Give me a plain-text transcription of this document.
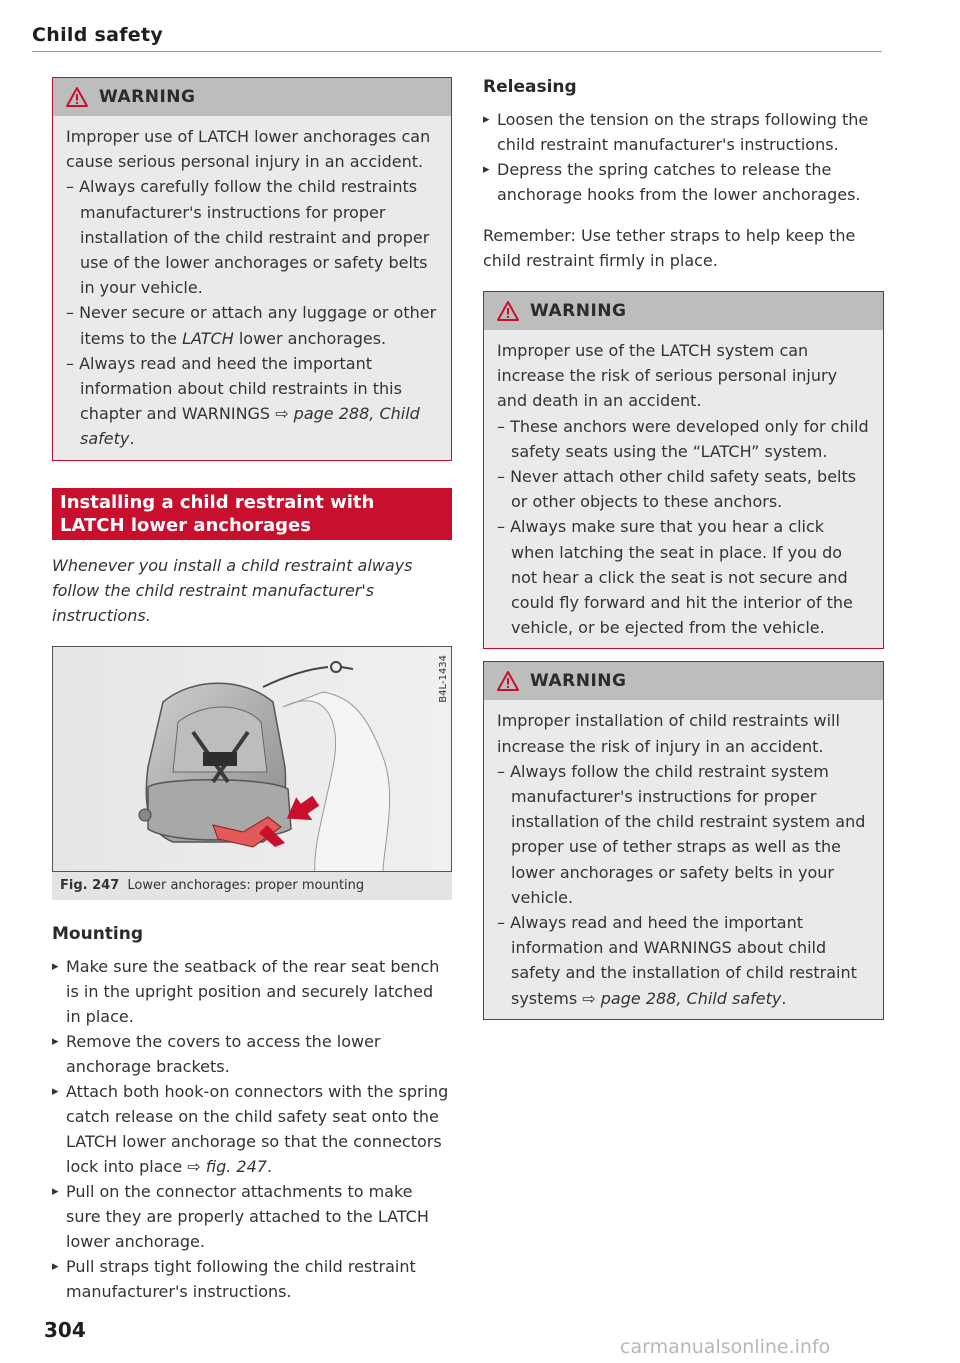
Child safety
WARNING
Improper use of LATCH lower anchorages can cause serious personal injury in an accident.
– Always carefully follow the child restraints manufacturer's instructions for proper installation of the child restraint and proper use of the lower anchorages or safety belts in your vehicle.
– Never secure or attach any luggage or other items to the LATCH lower anchorages.
– Always read and heed the important information about child restraints in this chapter and WARNINGS ⇨ page 288, Child safety.
Installing a child restraint with LATCH lower anchorages
Whenever you install a child restraint always follow the child restraint manufacturer's instructions.
B4L-1434
Fig. 247 Lower anchorages: proper mounting
Mounting
▸ Make sure the seatback of the rear seat bench is in the upright position and securely latched in place.
▸ Remove the covers to access the lower anchorage brackets.
▸ Attach both hook-on connectors with the spring catch release on the child safety seat onto the LATCH lower anchorage so that the connectors lock into place ⇨ fig. 247.
▸ Pull on the connector attachments to make sure they are properly attached to the LATCH lower anchorage.
▸ Pull straps tight following the child restraint manufacturer's instructions.
Releasing
▸ Loosen the tension on the straps following the child restraint manufacturer's instructions.
▸ Depress the spring catches to release the anchorage hooks from the lower anchorages.
Remember: Use tether straps to help keep the child restraint firmly in place.
WARNING
Improper use of the LATCH system can increase the risk of serious personal injury and death in an accident.
– These anchors were developed only for child safety seats using the “LATCH” system.
– Never attach other child safety seats, belts or other objects to these anchors.
– Always make sure that you hear a click when latching the seat in place. If you do not hear a click the seat is not secure and could fly forward and hit the interior of the vehicle, or be ejected from the vehicle.
WARNING
Improper installation of child restraints will increase the risk of injury in an accident.
– Always follow the child restraint system manufacturer's instructions for proper installation of the child restraint system and proper use of tether straps as well as the lower anchorages or safety belts in your vehicle.
– Always read and heed the important information and WARNINGS about child safety and the installation of child restraint systems ⇨ page 288, Child safety.
304
carmanualsonline.info
